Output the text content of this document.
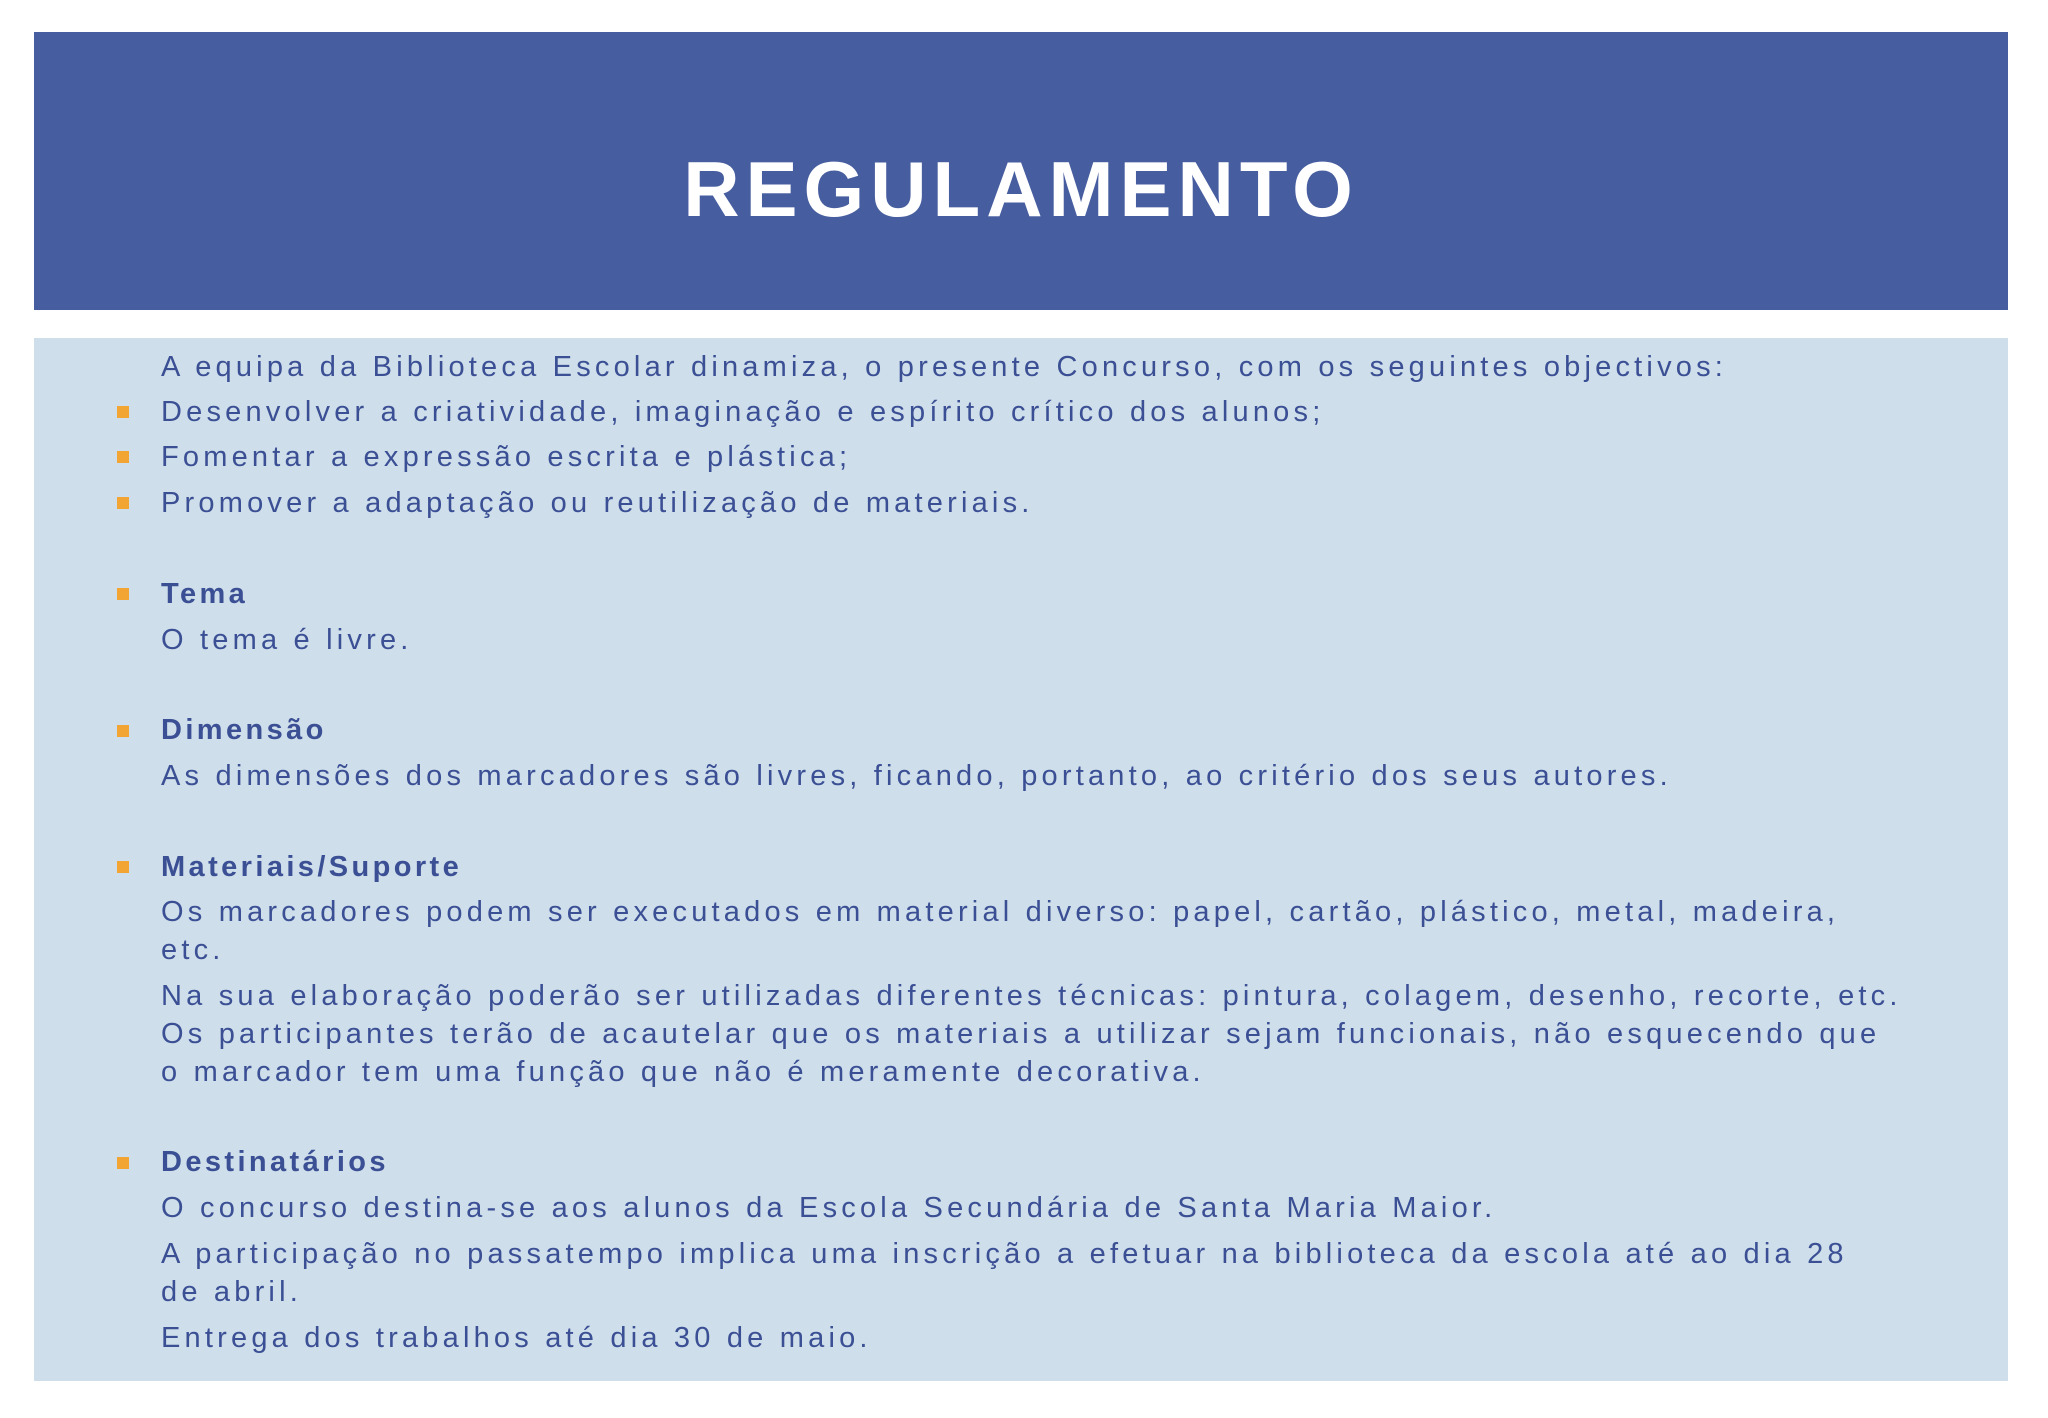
REGULAMENTO
A equipa da Biblioteca Escolar dinamiza, o presente Concurso, com os seguintes objectivos:
Desenvolver a criatividade, imaginação e espírito crítico dos alunos;
Fomentar a expressão escrita e plástica;
Promover a adaptação ou reutilização de materiais.
Tema
O tema é livre.
Dimensão
As dimensões dos marcadores são livres, ficando, portanto, ao critério dos seus autores.
Materiais/Suporte
Os marcadores podem ser executados em material diverso: papel, cartão, plástico, metal, madeira,
etc.
Na sua elaboração poderão ser utilizadas diferentes técnicas: pintura, colagem, desenho, recorte, etc.
Os participantes terão de acautelar que os materiais a utilizar sejam funcionais, não esquecendo que
o marcador tem uma função que não é meramente decorativa.
Destinatários
O concurso destina-se aos alunos da Escola Secundária de Santa Maria Maior.
A participação no passatempo implica uma inscrição a efetuar na biblioteca da escola até ao dia 28
de abril.
Entrega dos trabalhos até dia 30 de maio.
